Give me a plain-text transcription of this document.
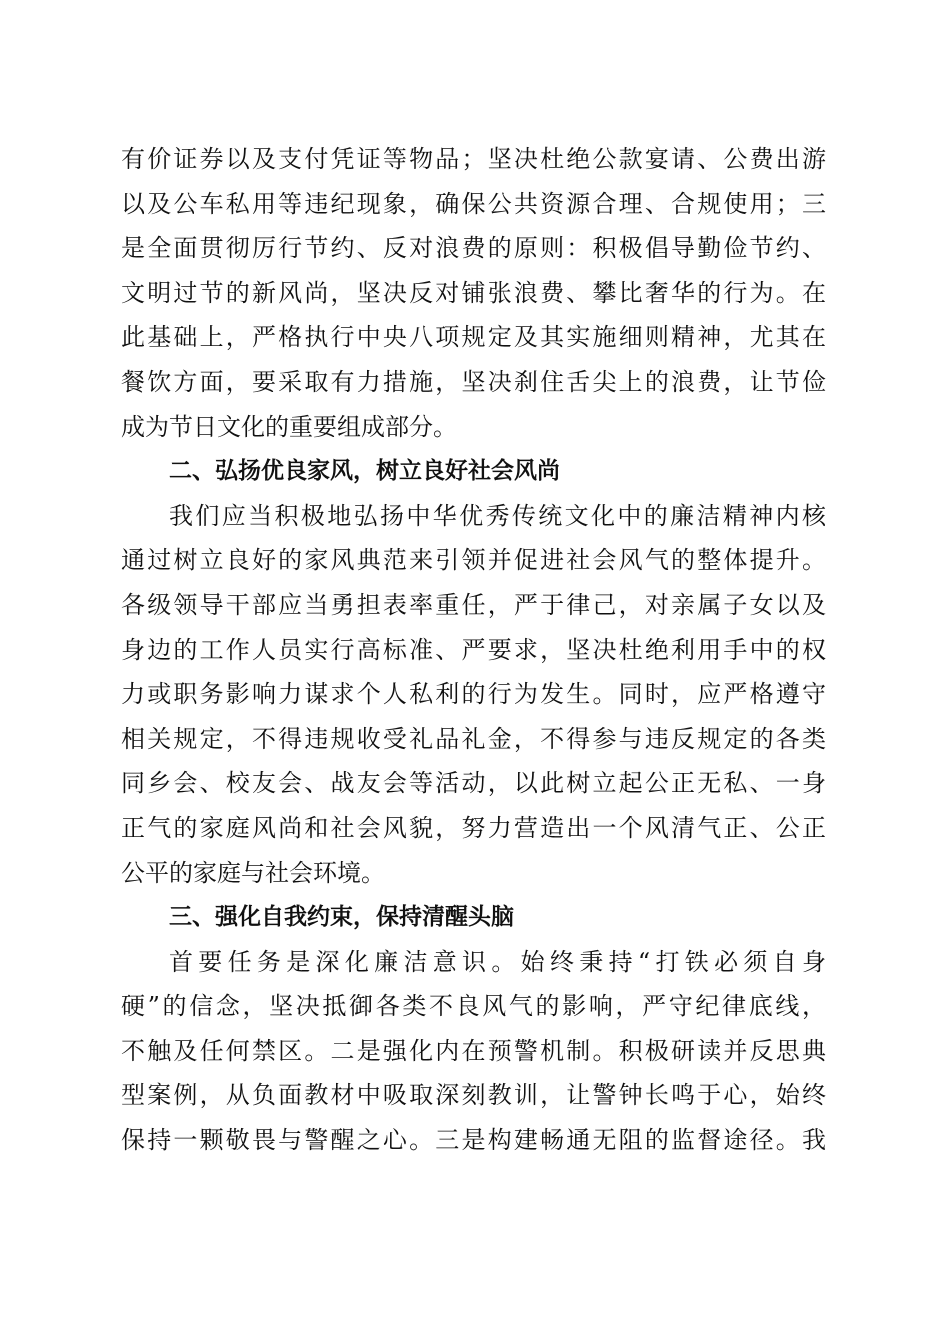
有价证券以及支付凭证等物品；坚决杜绝公款宴请、公费出游
以及公车私用等违纪现象，确保公共资源合理、合规使用；三
是全面贯彻厉行节约、反对浪费的原则：积极倡导勤俭节约、
文明过节的新风尚，坚决反对铺张浪费、攀比奢华的行为。在
此基础上，严格执行中央八项规定及其实施细则精神，尤其在
餐饮方面，要采取有力措施，坚决刹住舌尖上的浪费，让节俭
成为节日文化的重要组成部分。
二、弘扬优良家风，树立良好社会风尚
我们应当积极地弘扬中华优秀传统文化中的廉洁精神内核
通过树立良好的家风典范来引领并促进社会风气的整体提升。
各级领导干部应当勇担表率重任，严于律己，对亲属子女以及
身边的工作人员实行高标准、严要求，坚决杜绝利用手中的权
力或职务影响力谋求个人私利的行为发生。同时，应严格遵守
相关规定，不得违规收受礼品礼金，不得参与违反规定的各类
同乡会、校友会、战友会等活动，以此树立起公正无私、一身
正气的家庭风尚和社会风貌，努力营造出一个风清气正、公正
公平的家庭与社会环境。
三、强化自我约束，保持清醒头脑
首要任务是深化廉洁意识。始终秉持“打铁必须自身
硬”的信念，坚决抵御各类不良风气的影响，严守纪律底线，
不触及任何禁区。二是强化内在预警机制。积极研读并反思典
型案例，从负面教材中吸取深刻教训，让警钟长鸣于心，始终
保持一颗敬畏与警醒之心。三是构建畅通无阻的监督途径。我
